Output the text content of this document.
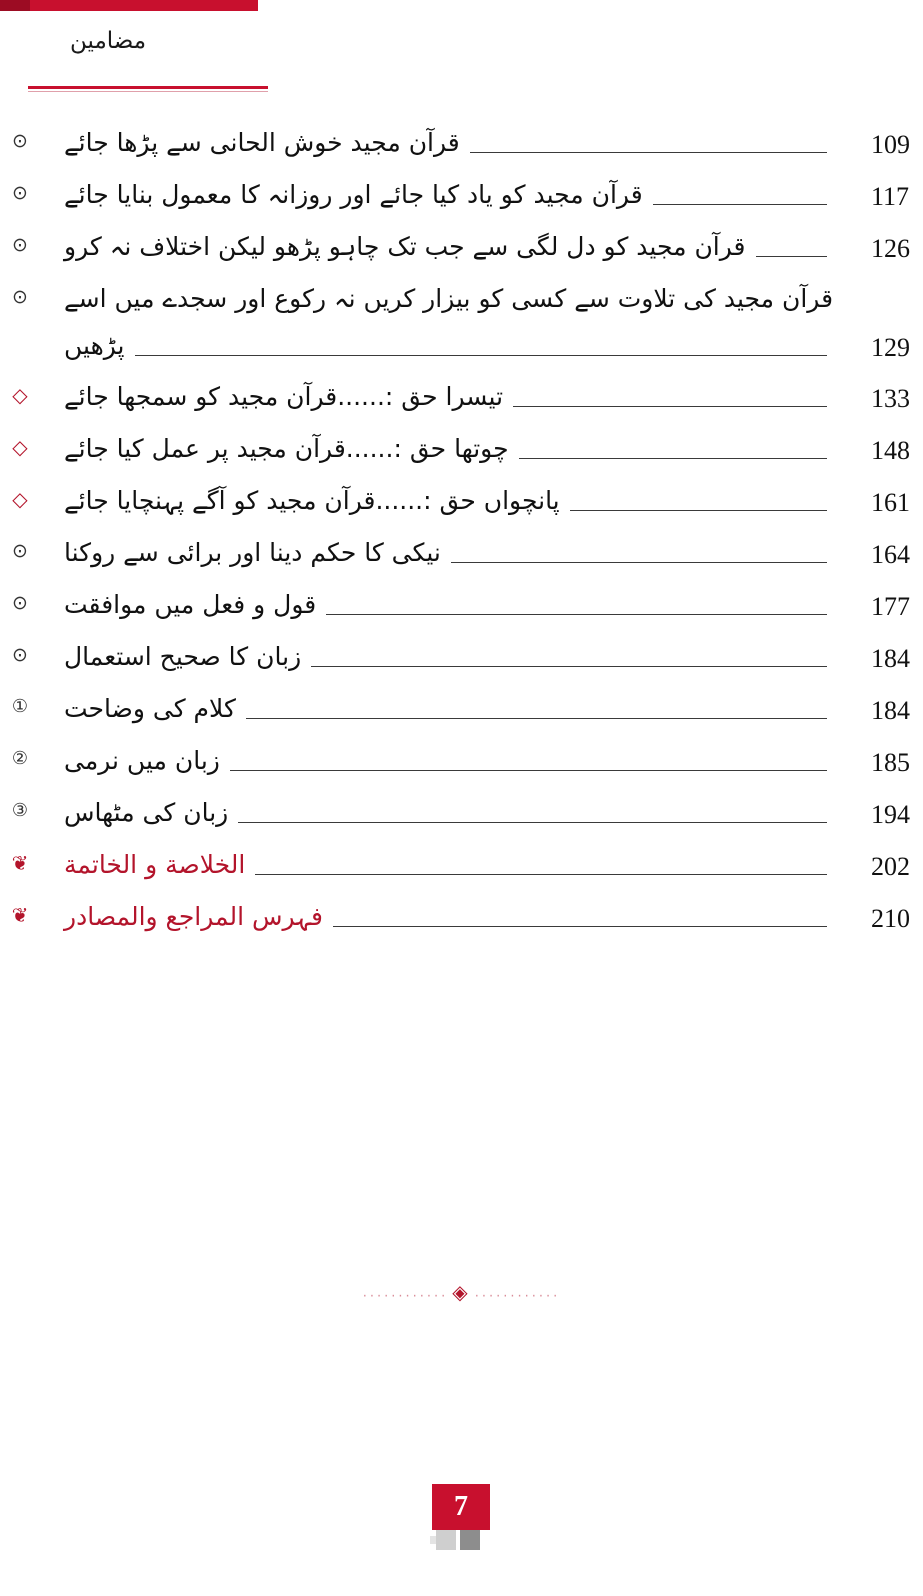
مضامین
⊙	قرآن مجید خوش الحانی سے پڑھا جائے	109
⊙	قرآن مجید کو یاد کیا جائے اور روزانہ کا معمول بنایا جائے	117
⊙	قرآن مجید کو دل لگی سے جب تک چاہو پڑھو لیکن اختلاف نہ کرو	126
⊙	قرآن مجید کی تلاوت سے کسی کو بیزار کریں نہ رکوع اور سجدے میں اسے
پڑھیں	129
◇	تیسرا حق :......قرآن مجید کو سمجھا جائے	133
◇	چوتھا حق :......قرآن مجید پر عمل کیا جائے	148
◇	پانچواں حق :......قرآن مجید کو آگے پہنچایا جائے	161
⊙	نیکی کا حکم دینا اور برائی سے روکنا	164
⊙	قول و فعل میں موافقت	177
⊙	زبان کا صحیح استعمال	184
①	کلام کی وضاحت	184
②	زبان میں نرمی	185
③	زبان کی مٹھاس	194
❦	الخلاصة و الخاتمة	202
❦	فہرس المراجع والمصادر	210
............◈............
7
